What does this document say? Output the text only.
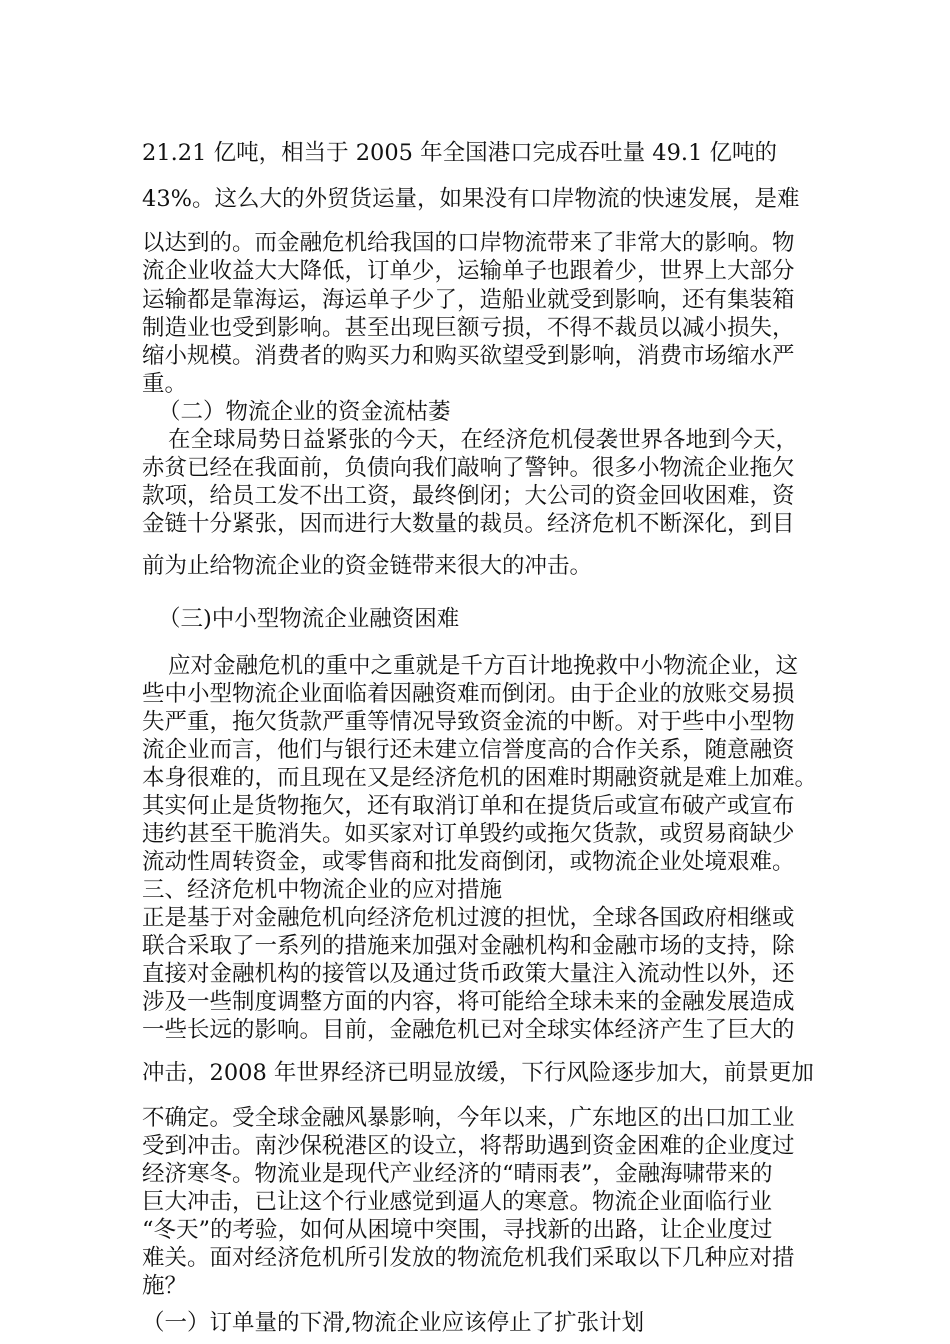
21.21 亿吨，相当于 2005 年全国港口完成吞吐量 49.1 亿吨的
43%。这么大的外贸货运量，如果没有口岸物流的快速发展，是难
以达到的。而金融危机给我国的口岸物流带来了非常大的影响。物
流企业收益大大降低，订单少，运输单子也跟着少，世界上大部分
运输都是靠海运，海运单子少了，造船业就受到影响，还有集装箱
制造业也受到影响。甚至出现巨额亏损，不得不裁员以减小损失，
缩小规模。消费者的购买力和购买欲望受到影响，消费市场缩水严
重。
（二）物流企业的资金流枯萎
在全球局势日益紧张的今天，在经济危机侵袭世界各地到今天，
赤贫已经在我面前，负债向我们敲响了警钟。很多小物流企业拖欠
款项，给员工发不出工资，最终倒闭；大公司的资金回收困难，资
金链十分紧张，因而进行大数量的裁员。经济危机不断深化，到目
前为止给物流企业的资金链带来很大的冲击。
（三)中小型物流企业融资困难
应对金融危机的重中之重就是千方百计地挽救中小物流企业，这
些中小型物流企业面临着因融资难而倒闭。由于企业的放账交易损
失严重，拖欠货款严重等情况导致资金流的中断。对于些中小型物
流企业而言，他们与银行还未建立信誉度高的合作关系，随意融资
本身很难的，而且现在又是经济危机的困难时期融资就是难上加难。
其实何止是货物拖欠，还有取消订单和在提货后或宣布破产或宣布
违约甚至干脆消失。如买家对订单毁约或拖欠货款，或贸易商缺少
流动性周转资金，或零售商和批发商倒闭，或物流企业处境艰难。
三、经济危机中物流企业的应对措施
正是基于对金融危机向经济危机过渡的担忧，全球各国政府相继或
联合采取了一系列的措施来加强对金融机构和金融市场的支持，除
直接对金融机构的接管以及通过货币政策大量注入流动性以外，还
涉及一些制度调整方面的内容，将可能给全球未来的金融发展造成
一些长远的影响。目前，金融危机已对全球实体经济产生了巨大的
冲击，2008 年世界经济已明显放缓，下行风险逐步加大，前景更加
不确定。受全球金融风暴影响，今年以来，广东地区的出口加工业
受到冲击。南沙保税港区的设立，将帮助遇到资金困难的企业度过
经济寒冬。物流业是现代产业经济的“晴雨表”，金融海啸带来的
巨大冲击，已让这个行业感觉到逼人的寒意。物流企业面临行业
“冬天”的考验，如何从困境中突围，寻找新的出路，让企业度过
难关。面对经济危机所引发放的物流危机我们采取以下几种应对措
施？
（一）订单量的下滑,物流企业应该停止了扩张计划
